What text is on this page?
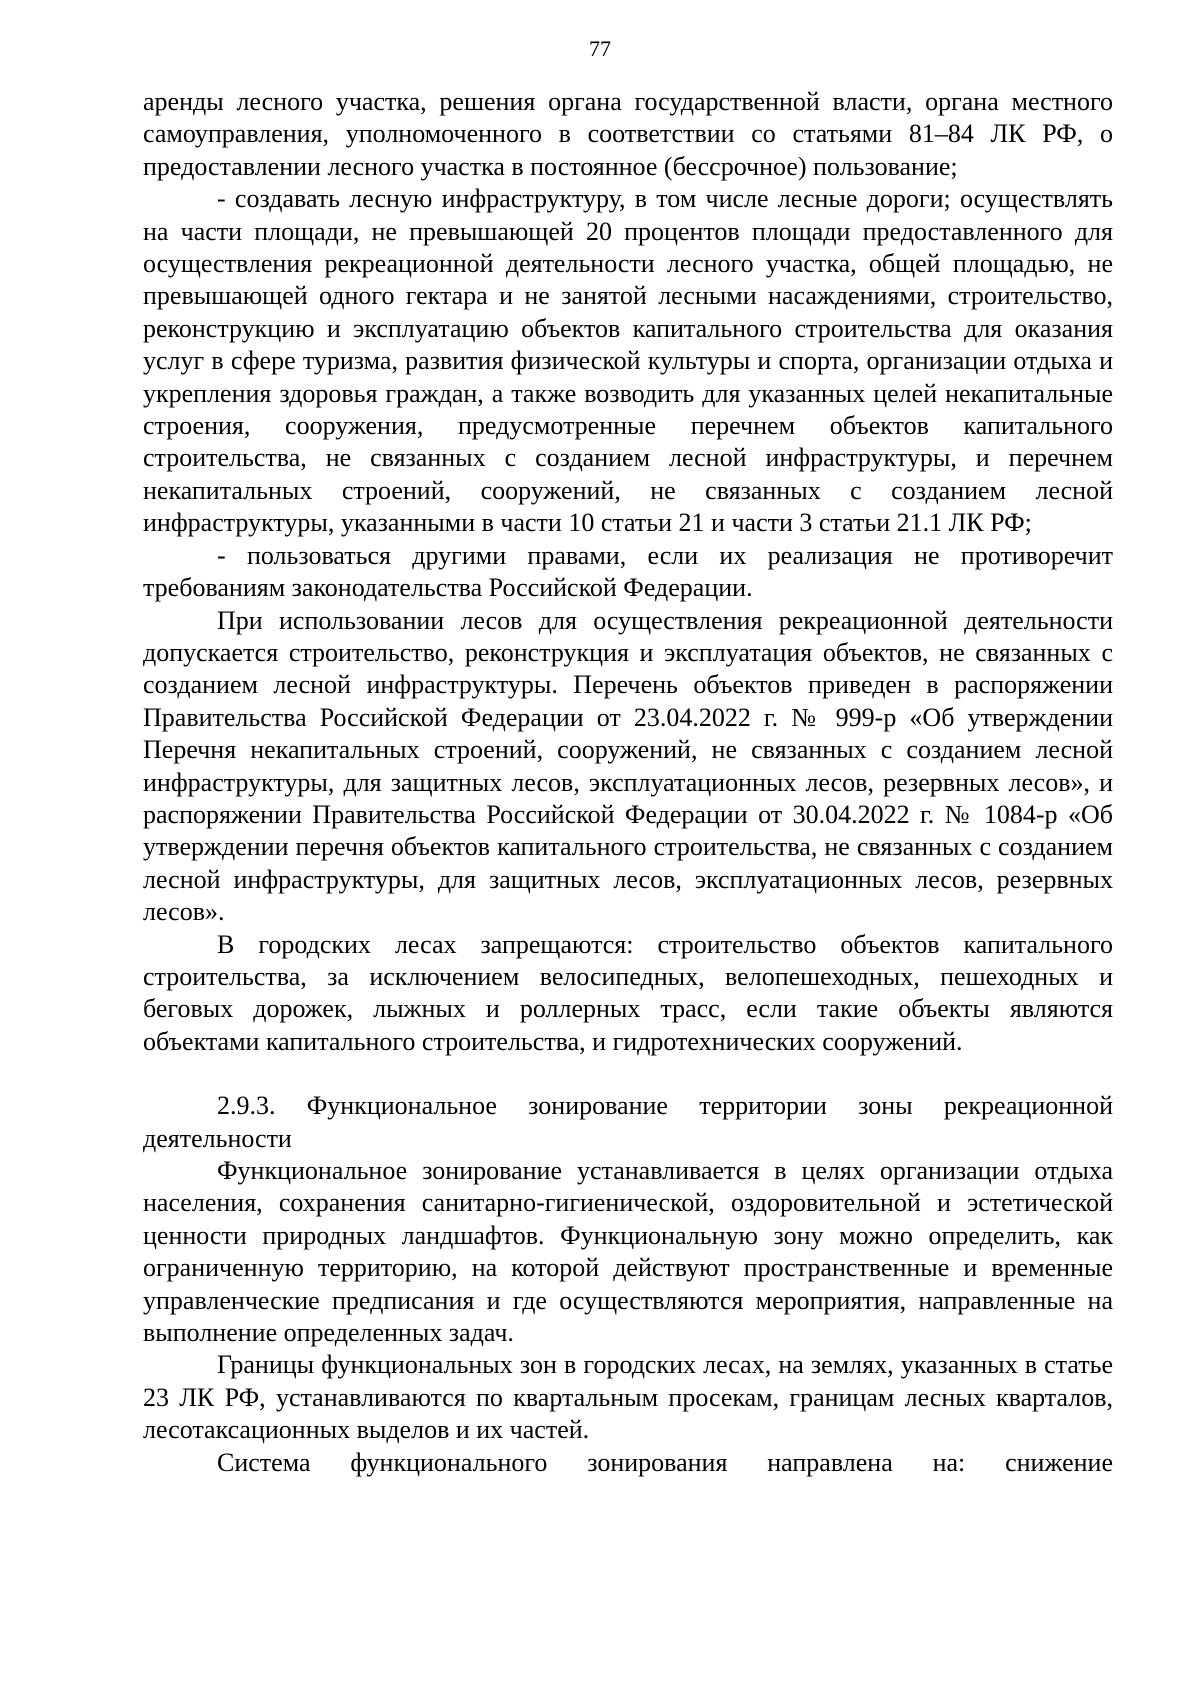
77

аренды лесного участка, решения органа государственной власти, органа местного самоуправления, уполномоченного в соответствии со статьями 81–84 ЛК РФ, о предоставлении лесного участка в постоянное (бессрочное) пользование;

- создавать лесную инфраструктуру, в том числе лесные дороги; осуществлять на части площади, не превышающей 20 процентов площади предоставленного для осуществления рекреационной деятельности лесного участка, общей площадью, не превышающей одного гектара и не занятой лесными насаждениями, строительство, реконструкцию и эксплуатацию объектов капитального строительства для оказания услуг в сфере туризма, развития физической культуры и спорта, организации отдыха и укрепления здоровья граждан, а также возводить для указанных целей некапитальные строения, сооружения, предусмотренные перечнем объектов капитального строительства, не связанных с созданием лесной инфраструктуры, и перечнем некапитальных строений, сооружений, не связанных с созданием лесной инфраструктуры, указанными в части 10 статьи 21 и части 3 статьи 21.1 ЛК РФ;

- пользоваться другими правами, если их реализация не противоречит требованиям законодательства Российской Федерации.

При использовании лесов для осуществления рекреационной деятельности допускается строительство, реконструкция и эксплуатация объектов, не связанных с созданием лесной инфраструктуры. Перечень объектов приведен в распоряжении Правительства Российской Федерации от 23.04.2022 г. № 999-р «Об утверждении Перечня некапитальных строений, сооружений, не связанных с созданием лесной инфраструктуры, для защитных лесов, эксплуатационных лесов, резервных лесов», и распоряжении Правительства Российской Федерации от 30.04.2022 г. № 1084-р «Об утверждении перечня объектов капитального строительства, не связанных с созданием лесной инфраструктуры, для защитных лесов, эксплуатационных лесов, резервных лесов».

В городских лесах запрещаются: строительство объектов капитального строительства, за исключением велосипедных, велопешеходных, пешеходных и беговых дорожек, лыжных и роллерных трасс, если такие объекты являются объектами капитального строительства, и гидротехнических сооружений.

2.9.3. Функциональное зонирование территории зоны рекреационной деятельности

Функциональное зонирование устанавливается в целях организации отдыха населения, сохранения санитарно-гигиенической, оздоровительной и эстетической ценности природных ландшафтов. Функциональную зону можно определить, как ограниченную территорию, на которой действуют пространственные и временные управленческие предписания и где осуществляются мероприятия, направленные на выполнение определенных задач.

Границы функциональных зон в городских лесах, на землях, указанных в статье 23 ЛК РФ, устанавливаются по квартальным просекам, границам лесных кварталов, лесотаксационных выделов и их частей.

Система функционального зонирования направлена на: снижение
